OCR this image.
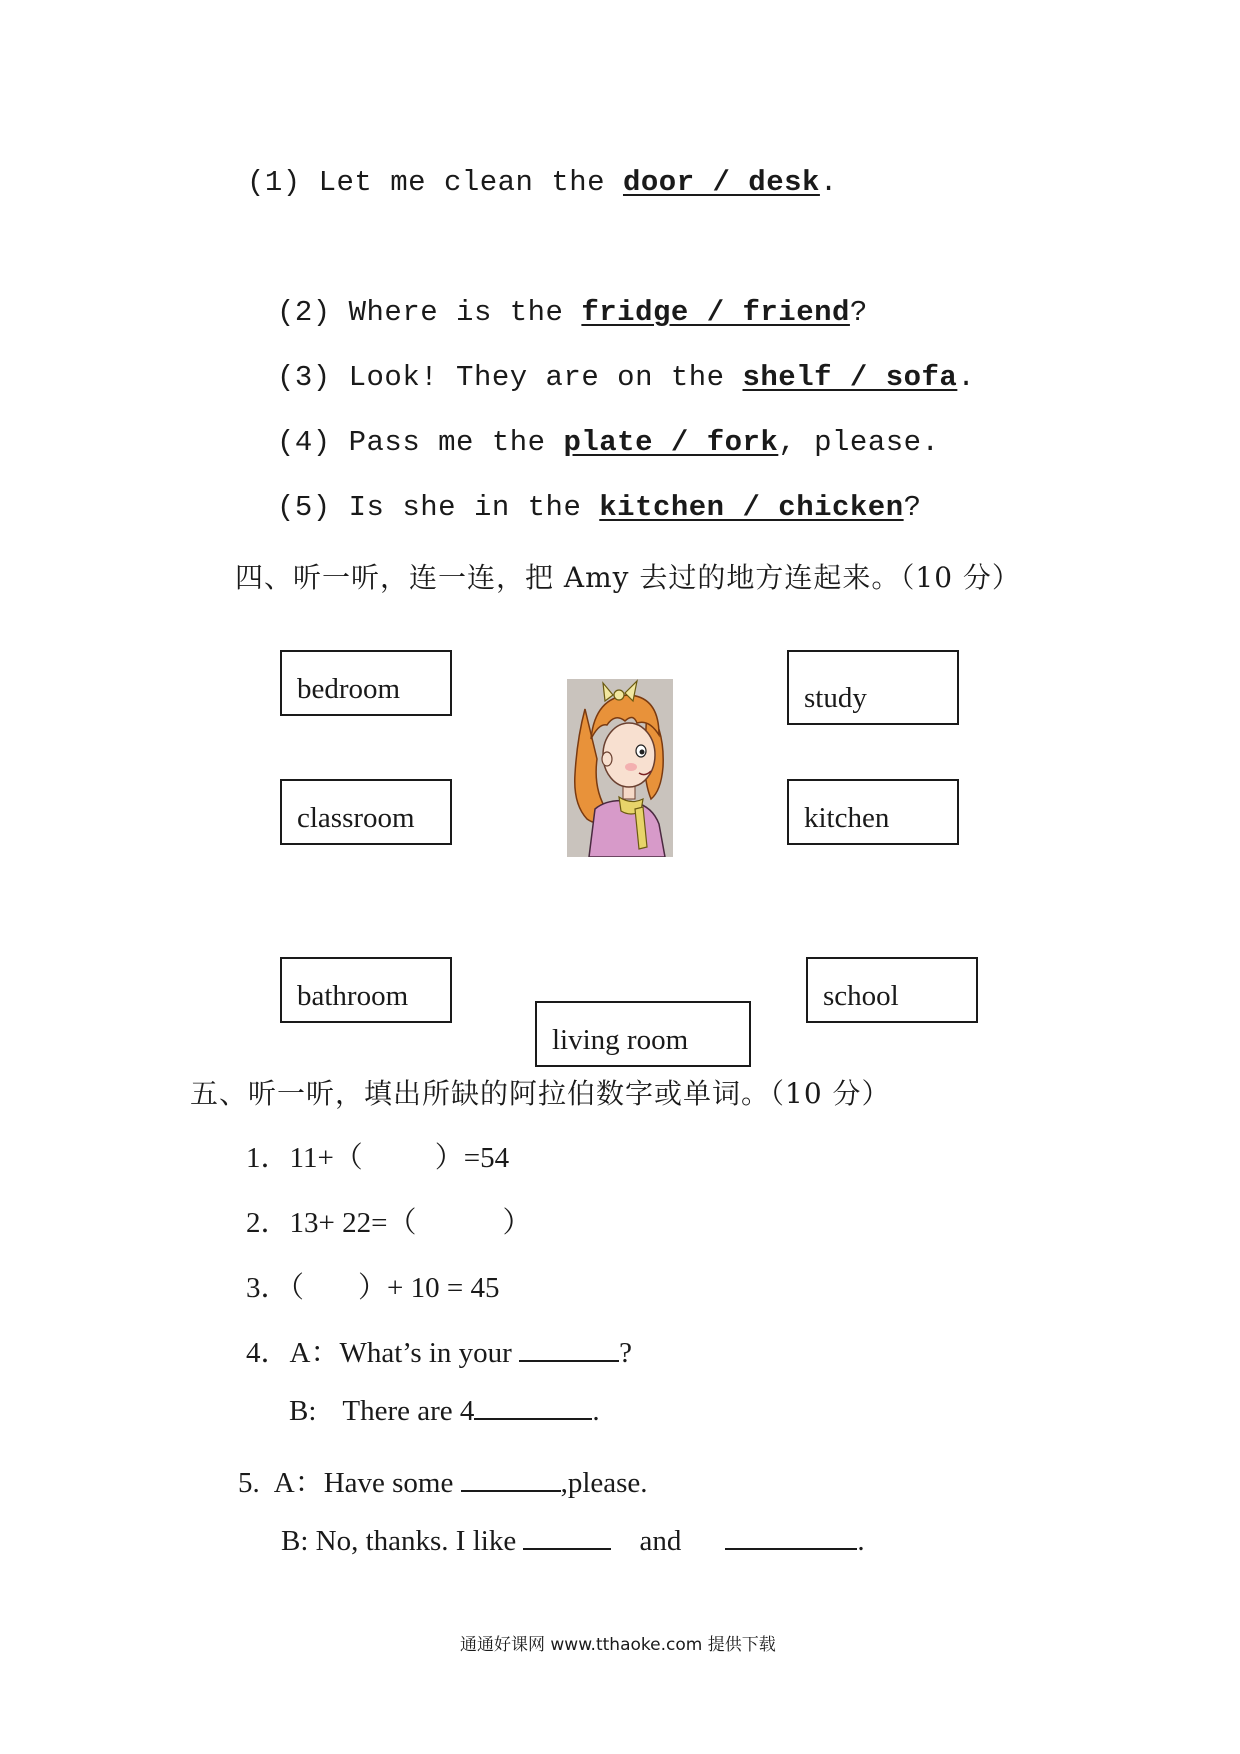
(1) Let me clean the door / desk.
(2) Where is the fridge / friend?
(3) Look! They are on the shelf / sofa.
(4) Pass me the plate / fork, please.
(5) Is she in the kitchen / chicken?
四、听一听，连一连，把 Amy 去过的地方连起来。（10 分）
bedroom	study
classroom	kitchen
bathroom	school
living room
五、听一听，填出所缺的阿拉伯数字或单词。（10 分）
1．11+（ ）=54
2．13+ 22=（	）
3．（ ）+ 10 = 45
4．A：What’s in your	?
B: There are 4	.
5. A：Have some	,please.
B: No, thanks. I like	and	.
通通好课网 www.tthaoke.com 提供下载
